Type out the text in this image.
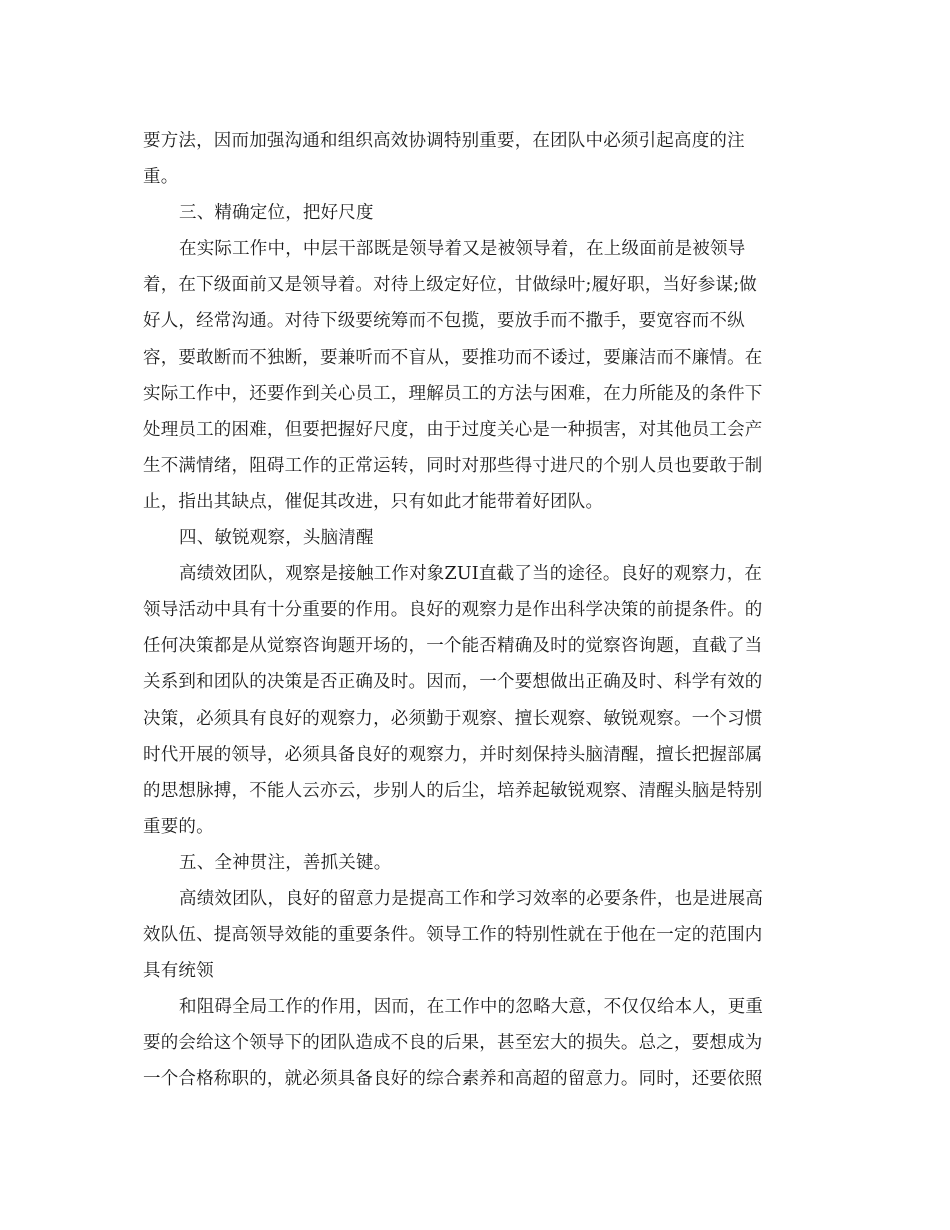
要方法，因而加强沟通和组织高效协调特别重要，在团队中必须引起高度的注
重。
三、精确定位，把好尺度
在实际工作中，中层干部既是领导着又是被领导着，在上级面前是被领导
着，在下级面前又是领导着。对待上级定好位，甘做绿叶;履好职，当好参谋;做
好人，经常沟通。对待下级要统筹而不包揽，要放手而不撒手，要宽容而不纵
容，要敢断而不独断，要兼听而不盲从，要推功而不诿过，要廉洁而不廉情。在
实际工作中，还要作到关心员工，理解员工的方法与困难，在力所能及的条件下
处理员工的困难，但要把握好尺度，由于过度关心是一种损害，对其他员工会产
生不满情绪，阻碍工作的正常运转，同时对那些得寸进尺的个别人员也要敢于制
止，指出其缺点，催促其改进，只有如此才能带着好团队。
四、敏锐观察，头脑清醒
高绩效团队，观察是接触工作对象ZUI直截了当的途径。良好的观察力，在
领导活动中具有十分重要的作用。良好的观察力是作出科学决策的前提条件。的
任何决策都是从觉察咨询题开场的，一个能否精确及时的觉察咨询题，直截了当
关系到和团队的决策是否正确及时。因而，一个要想做出正确及时、科学有效的
决策，必须具有良好的观察力，必须勤于观察、擅长观察、敏锐观察。一个习惯
时代开展的领导，必须具备良好的观察力，并时刻保持头脑清醒，擅长把握部属
的思想脉搏，不能人云亦云，步别人的后尘，培养起敏锐观察、清醒头脑是特别
重要的。
五、全神贯注，善抓关键。
高绩效团队，良好的留意力是提高工作和学习效率的必要条件，也是进展高
效队伍、提高领导效能的重要条件。领导工作的特别性就在于他在一定的范围内
具有统领
和阻碍全局工作的作用，因而，在工作中的忽略大意，不仅仅给本人，更重
要的会给这个领导下的团队造成不良的后果，甚至宏大的损失。总之，要想成为
一个合格称职的，就必须具备良好的综合素养和高超的留意力。同时，还要依照
